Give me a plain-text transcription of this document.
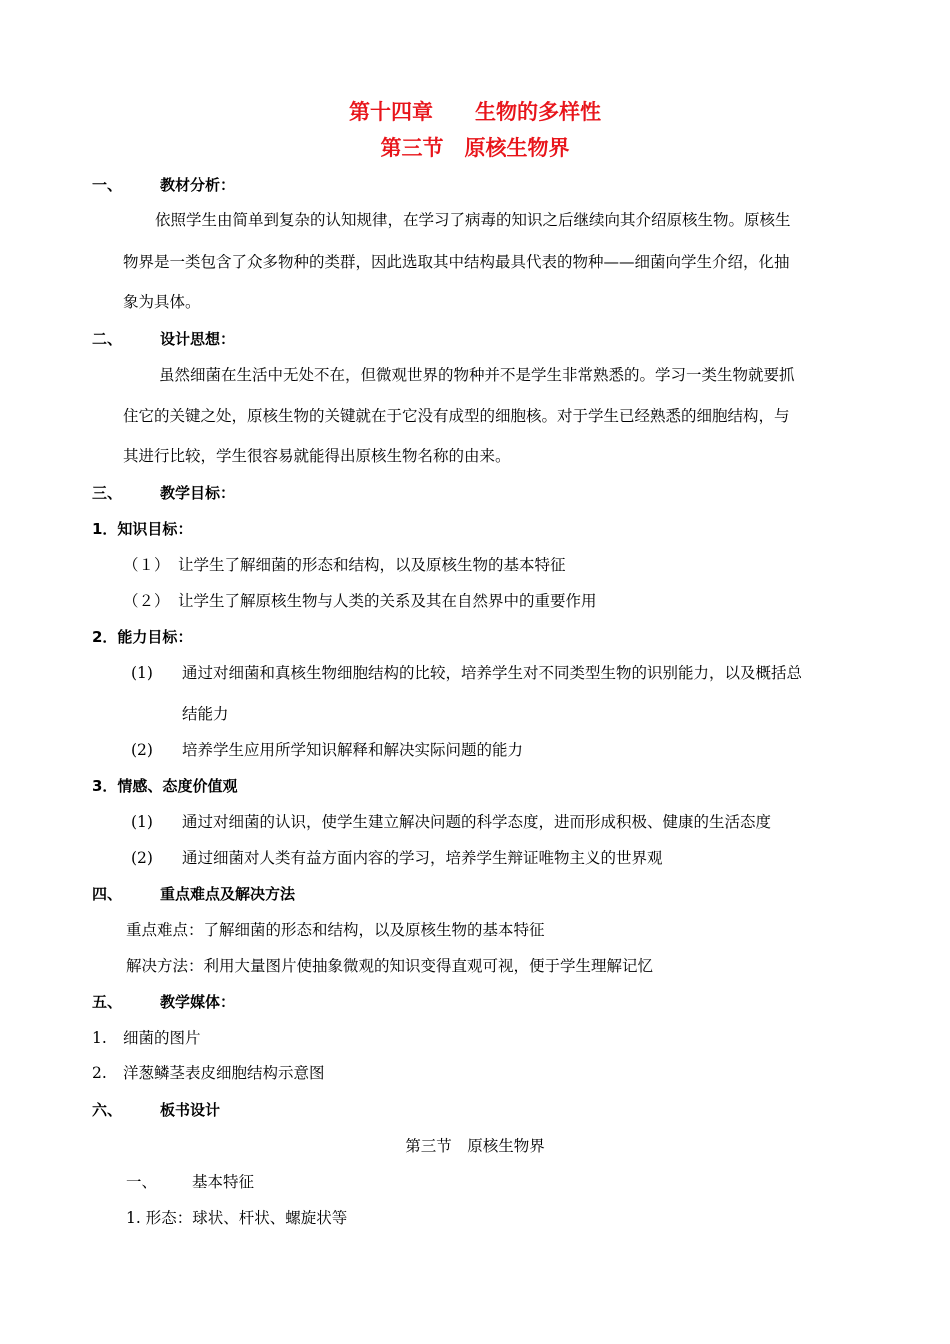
第十四章　　生物的多样性
第三节　原核生物界
一、	教材分析：
依照学生由简单到复杂的认知规律，在学习了病毒的知识之后继续向其介绍原核生物。原核生
物界是一类包含了众多物种的类群，因此选取其中结构最具代表的物种——细菌向学生介绍，化抽
象为具体。
二、	设计思想：
虽然细菌在生活中无处不在，但微观世界的物种并不是学生非常熟悉的。学习一类生物就要抓
住它的关键之处，原核生物的关键就在于它没有成型的细胞核。对于学生已经熟悉的细胞结构，与
其进行比较，学生很容易就能得出原核生物名称的由来。
三、	教学目标：
1．知识目标：
（１） 让学生了解细菌的形态和结构，以及原核生物的基本特征
（２） 让学生了解原核生物与人类的关系及其在自然界中的重要作用
2．能力目标：
(1) 通过对细菌和真核生物细胞结构的比较，培养学生对不同类型生物的识别能力，以及概括总
结能力
(2) 培养学生应用所学知识解释和解决实际问题的能力
3．情感、态度价值观
(1) 通过对细菌的认识，使学生建立解决问题的科学态度，进而形成积极、健康的生活态度
(2) 通过细菌对人类有益方面内容的学习，培养学生辩证唯物主义的世界观
四、	重点难点及解决方法
重点难点：了解细菌的形态和结构，以及原核生物的基本特征
解决方法：利用大量图片使抽象微观的知识变得直观可视，便于学生理解记忆
五、	教学媒体：
1. 细菌的图片
2. 洋葱鳞茎表皮细胞结构示意图
六、	板书设计
第三节　原核生物界
一、 基本特征
1. 形态：球状、杆状、螺旋状等
